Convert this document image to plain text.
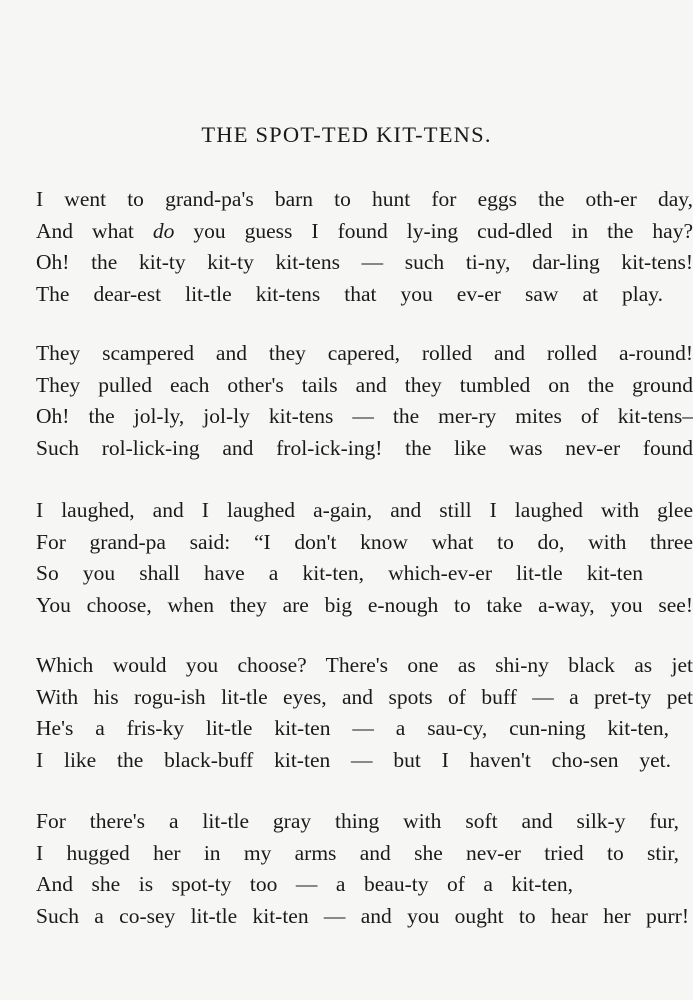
THE SPOT-TED KIT-TENS.
I went to grand-pa's barn to hunt for eggs the oth-er day,
And what do you guess I found ly-ing cud-dled in the hay?
Oh! the kit-ty kit-ty kit-tens — such ti-ny, dar-ling kit-tens!
The dear-est lit-tle kit-tens that you ev-er saw at play.
They scampered and they capered, rolled and rolled a-round!
They pulled each other's tails and they tumbled on the ground
Oh! the jol-ly, jol-ly kit-tens — the mer-ry mites of kit-tens–
Such rol-lick-ing and frol-ick-ing! the like was nev-er found
I laughed, and I laughed a-gain, and still I laughed with glee
For grand-pa said: “I don't know what to do, with three
So you shall have a kit-ten, which-ev-er lit-tle kit-ten
You choose, when they are big e-nough to take a-way, you see!
Which would you choose? There's one as shi-ny black as jet
With his rogu-ish lit-tle eyes, and spots of buff — a pret-ty pet
He's a fris-ky lit-tle kit-ten — a sau-cy, cun-ning kit-ten,
I like the black-buff kit-ten — but I haven't cho-sen yet.
For there's a lit-tle gray thing with soft and silk-y fur,
I hugged her in my arms and she nev-er tried to stir,
And she is spot-ty too — a beau-ty of a kit-ten,
Such a co-sey lit-tle kit-ten — and you ought to hear her purr!
